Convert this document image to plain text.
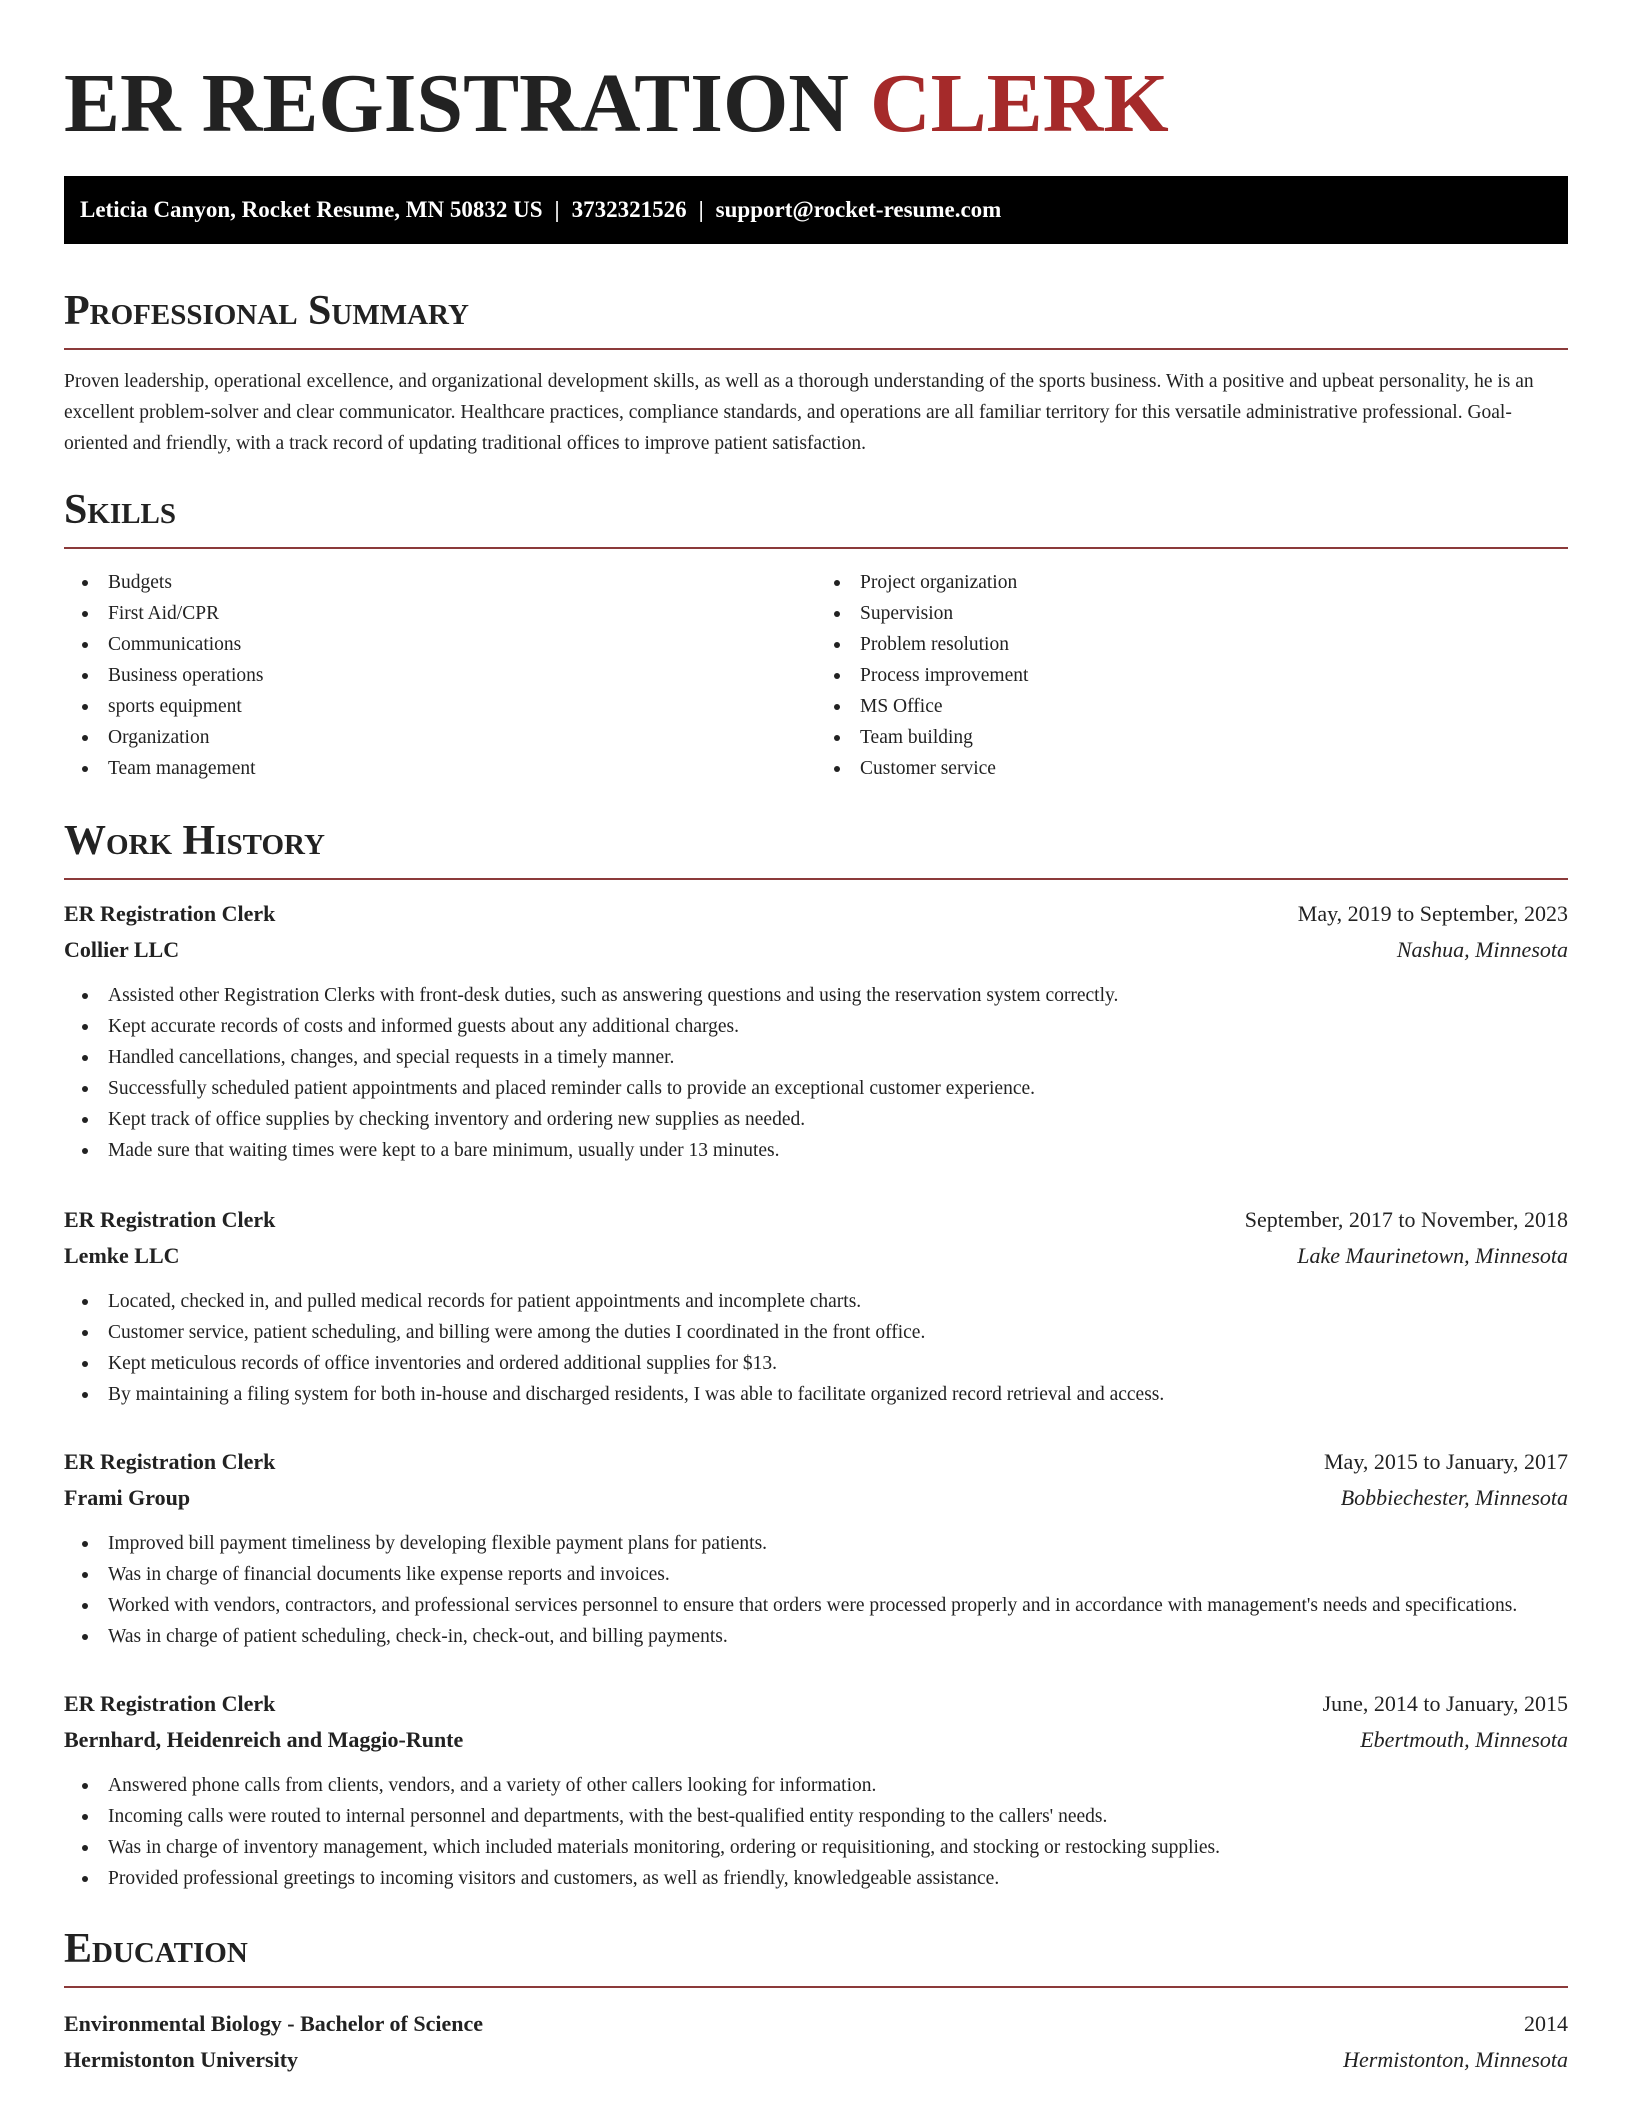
ER REGISTRATION CLERK
Leticia Canyon, Rocket Resume, MN 50832 US | 3732321526 | support@rocket-resume.com
Professional Summary

Proven leadership, operational excellence, and organizational development skills, as well as a thorough understanding of the sports business. With a positive and upbeat personality, he is an excellent problem-solver and clear communicator. Healthcare practices, compliance standards, and operations are all familiar territory for this versatile administrative professional. Goal-oriented and friendly, with a track record of updating traditional offices to improve patient satisfaction.

Skills
Budgets
First Aid/CPR
Communications
Business operations
sports equipment
Organization
Team management
Project organization
Supervision
Problem resolution
Process improvement
MS Office
Team building
Customer service
Work History
ER Registration Clerk	May, 2019 to September, 2023
Collier LLC	Nashua, Minnesota
Assisted other Registration Clerks with front-desk duties, such as answering questions and using the reservation system correctly.
Kept accurate records of costs and informed guests about any additional charges.
Handled cancellations, changes, and special requests in a timely manner.
Successfully scheduled patient appointments and placed reminder calls to provide an exceptional customer experience.
Kept track of office supplies by checking inventory and ordering new supplies as needed.
Made sure that waiting times were kept to a bare minimum, usually under 13 minutes.
ER Registration Clerk	September, 2017 to November, 2018
Lemke LLC	Lake Maurinetown, Minnesota
Located, checked in, and pulled medical records for patient appointments and incomplete charts.
Customer service, patient scheduling, and billing were among the duties I coordinated in the front office.
Kept meticulous records of office inventories and ordered additional supplies for $13.
By maintaining a filing system for both in-house and discharged residents, I was able to facilitate organized record retrieval and access.
ER Registration Clerk	May, 2015 to January, 2017
Frami Group	Bobbiechester, Minnesota
Improved bill payment timeliness by developing flexible payment plans for patients.
Was in charge of financial documents like expense reports and invoices.
Worked with vendors, contractors, and professional services personnel to ensure that orders were processed properly and in accordance with management's needs and specifications.
Was in charge of patient scheduling, check-in, check-out, and billing payments.
ER Registration Clerk	June, 2014 to January, 2015
Bernhard, Heidenreich and Maggio-Runte	Ebertmouth, Minnesota
Answered phone calls from clients, vendors, and a variety of other callers looking for information.
Incoming calls were routed to internal personnel and departments, with the best-qualified entity responding to the callers' needs.
Was in charge of inventory management, which included materials monitoring, ordering or requisitioning, and stocking or restocking supplies.
Provided professional greetings to incoming visitors and customers, as well as friendly, knowledgeable assistance.
Education
Environmental Biology - Bachelor of Science	2014
Hermistonton University	Hermistonton, Minnesota
